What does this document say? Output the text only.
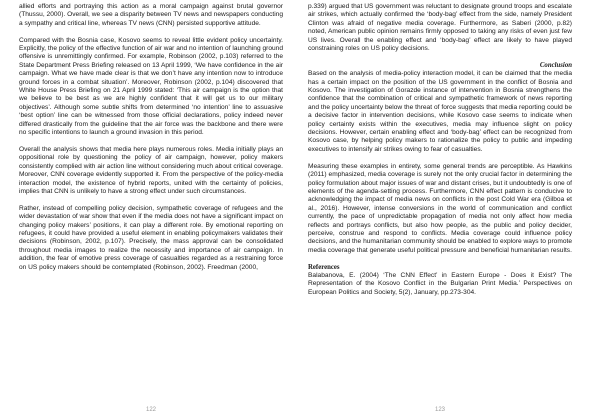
allied efforts and portraying this action as a moral campaign against brutal governor (Thussu, 2000). Overall, we see a disparity between TV news and newspapers conducting a sympathy and critical line, whereas TV news (CNN) persisted supportive attitude.

Compared with the Bosnia case, Kosovo seems to reveal little evident policy uncertainty. Explicitly, the policy of the effective function of air war and no intention of launching ground offensive is unremittingly confirmed. For example, Robinson (2002, p.103) referred to the State Department Press Briefing released on 13 April 1999, ‘We have confidence in the air campaign. What we have made clear is that we don’t have any intention now to introduce ground forces in a combat situation’. Moreover, Robinson (2002, p.104) discovered that White House Press Briefing on 21 April 1999 stated: ‘This air campaign is the option that we believe to be best as we are highly confident that it will get us to our military objectives’. Although some subtle shifts from determined ‘no intention’ line to assuasive ‘best option’ line can be witnessed from those official declarations, policy indeed never differed drastically from the guideline that the air force was the backbone and there were no specific intentions to launch a ground invasion in this period.

Overall the analysis shows that media here plays numerous roles. Media initially plays an oppositional role by questioning the policy of air campaign, however, policy makers consistently complied with air action line without considering much about critical coverage. Moreover, CNN coverage evidently supported it. From the perspective of the policy-media interaction model, the existence of hybrid reports, united with the certainty of policies, implies that CNN is unlikely to have a strong effect under such circumstances.

Rather, instead of compelling policy decision, sympathetic coverage of refugees and the wider devastation of war show that even if the media does not have a significant impact on changing policy makers’ positions, it can play a different role. By emotional reporting on refugees, it could have provided a useful element in enabling policymakers validates their decisions (Robinson, 2002, p.107). Precisely, the mass approval can be consolidated throughout media images to realize the necessity and importance of air campaign. In addition, the fear of emotive press coverage of casualties regarded as a restraining force on US policy makers should be contemplated (Robinson, 2002). Freedman (2000,

p.339) argued that US government was reluctant to designate ground troops and escalate air strikes, which actually confirmed the ‘body-bag’ effect from the side, namely President Clinton was afraid of negative media coverage. Furthermore, as Saberi (2000, p.82) noted, American public opinion remains firmly opposed to taking any risks of even just few US lives. Overall the enabling effect and ‘body-bag’ effect are likely to have played constraining roles on US policy decisions.

Conclusion

Based on the analysis of media-policy interaction model, it can be claimed that the media has a certain impact on the position of the US government in the conflict of Bosnia and Kosovo. The investigation of Gorazde instance of intervention in Bosnia strengthens the confidence that the combination of critical and sympathetic framework of news reporting and the policy uncertainty below the threat of force suggests that media reporting could be a decisive factor in intervention decisions, while Kosovo case seems to indicate when policy certainty exists within the executives, media may influence slight on policy decisions. However, certain enabling effect and ‘body-bag’ effect can be recognized from Kosovo case, by helping policy makers to rationalize the policy to public and impeding executives to intensify air strikes owing to fear of casualties.

Measuring these examples in entirety, some general trends are perceptible. As Hawkins (2011) emphasized, media coverage is surely not the only crucial factor in determining the policy formulation about major issues of war and distant crises, but it undoubtedly is one of elements of the agenda-setting process. Furthermore, CNN effect pattern is conducive to acknowledging the impact of media news on conflicts in the post Cold War era (Gilboa et al., 2016). However, intense conversions in the world of communication and conflict currently, the pace of unpredictable propagation of media not only affect how media reflects and portrays conflicts, but also how people, as the public and policy decider, perceive, construe and respond to conflicts. Media coverage could influence policy decisions, and the humanitarian community should be enabled to explore ways to promote media coverage that generate useful political pressure and beneficial humanitarian results.

References

Balabanova, E. (2004) ‘The CNN Effect’ in Eastern Europe - Does it Exist? The Representation of the Kosovo Conflict in the Bulgarian Print Media.’ Perspectives on European Politics and Society, 5(2), January, pp.273-304.

122	123
